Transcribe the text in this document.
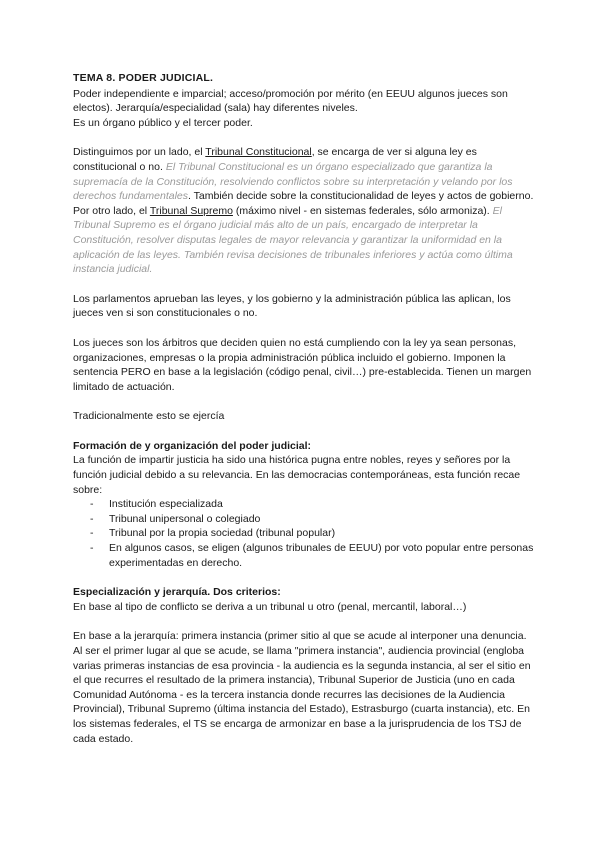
TEMA 8. PODER JUDICIAL.

Poder independiente e imparcial; acceso/promoción por mérito (en EEUU algunos jueces son electos). Jerarquía/especialidad (sala) hay diferentes niveles.

Es un órgano público y el tercer poder.

Distinguimos por un lado, el Tribunal Constitucional, se encarga de ver si alguna ley es constitucional o no. El Tribunal Constitucional es un órgano especializado que garantiza la supremacía de la Constitución, resolviendo conflictos sobre su interpretación y velando por los derechos fundamentales. También decide sobre la constitucionalidad de leyes y actos de gobierno. Por otro lado, el Tribunal Supremo (máximo nivel - en sistemas federales, sólo armoniza). El Tribunal Supremo es el órgano judicial más alto de un país, encargado de interpretar la Constitución, resolver disputas legales de mayor relevancia y garantizar la uniformidad en la aplicación de las leyes. También revisa decisiones de tribunales inferiores y actúa como última instancia judicial.

Los parlamentos aprueban las leyes, y los gobierno y la administración pública las aplican, los jueces ven si son constitucionales o no.

Los jueces son los árbitros que deciden quien no está cumpliendo con la ley ya sean personas, organizaciones, empresas o la propia administración pública incluido el gobierno. Imponen la sentencia PERO en base a la legislación (código penal, civil…) pre-establecida. Tienen un margen limitado de actuación.

Tradicionalmente esto se ejercía

Formación de y organización del poder judicial:

La función de impartir justicia ha sido una histórica pugna entre nobles, reyes y señores por la función judicial debido a su relevancia. En las democracias contemporáneas, esta función recae sobre:

- Institución especializada
- Tribunal unipersonal o colegiado
- Tribunal por la propia sociedad (tribunal popular)
- En algunos casos, se eligen (algunos tribunales de EEUU) por voto popular entre personas experimentadas en derecho.

Especialización y jerarquía. Dos criterios:

En base al tipo de conflicto se deriva a un tribunal u otro (penal, mercantil, laboral…)

En base a la jerarquía: primera instancia (primer sitio al que se acude al interponer una denuncia. Al ser el primer lugar al que se acude, se llama "primera instancia", audiencia provincial (engloba varias primeras instancias de esa provincia - la audiencia es la segunda instancia, al ser el sitio en el que recurres el resultado de la primera instancia), Tribunal Superior de Justicia (uno en cada Comunidad Autónoma - es la tercera instancia donde recurres las decisiones de la Audiencia Provincial), Tribunal Supremo (última instancia del Estado), Estrasburgo (cuarta instancia), etc. En los sistemas federales, el TS se encarga de armonizar en base a la jurisprudencia de los TSJ de cada estado.
